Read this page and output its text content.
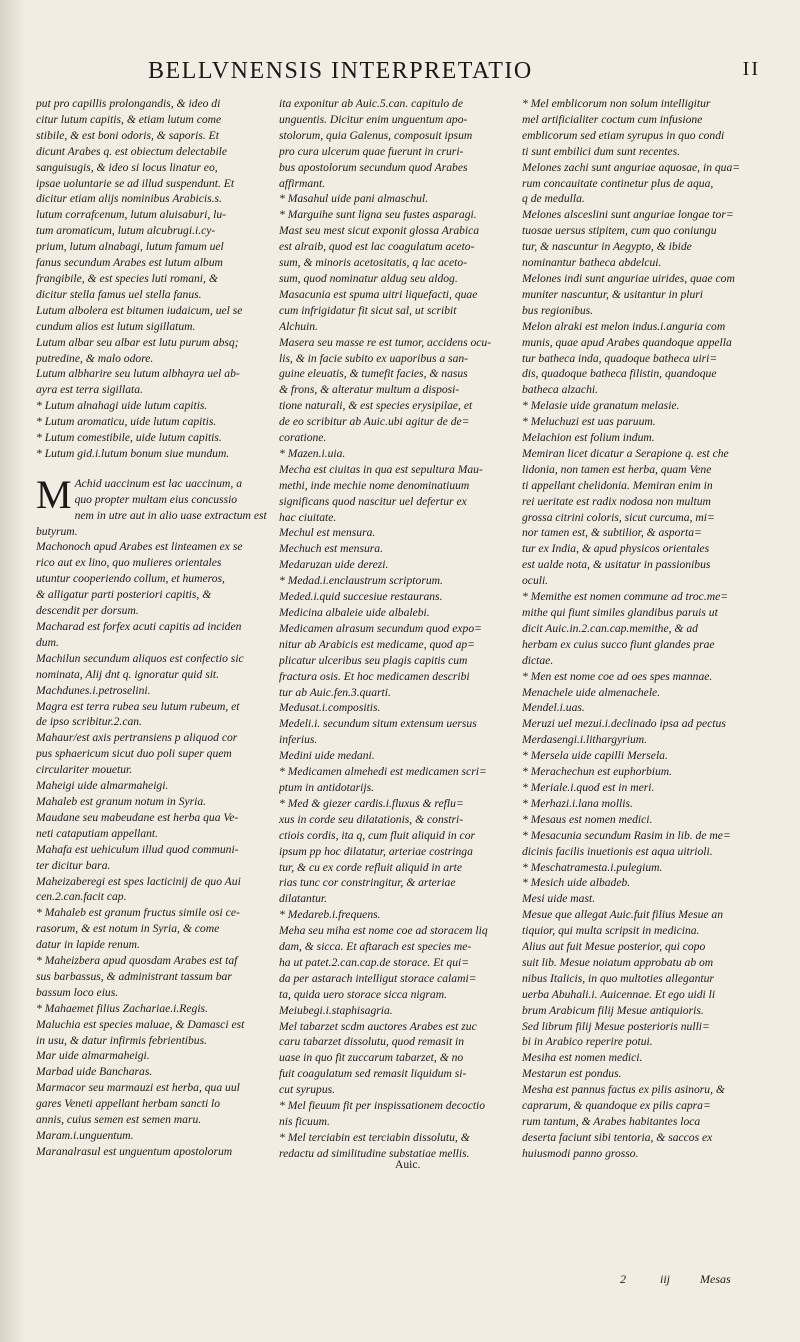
BELLVNENSIS INTERPRETATIO	II
put pro capillis prolongandis, & ideo di
citur lutum capitis, & etiam lutum come
stibile, & est boni odoris, & saporis. Et
dicunt Arabes q. est obiectum delectabile
sanguisugis, & ideo si locus linatur eo,
ipsae uoluntarie se ad illud suspendunt. Et
dicitur etiam alijs nominibus Arabicis.s.
lutum corrafcenum, lutum aluisaburi, lu-
tum aromaticum, lutum alcubrugi.i.cy-
prium, lutum alnabagi, lutum famum uel
fanus secundum Arabes est lutum album
frangibile, & est species luti romani, &
dicitur stella famus uel stella fanus.
Lutum albolera est bitumen iudaicum, uel se
cundum alios est lutum sigillatum.
Lutum albar seu albar est lutu purum absq;
putredine, & malo odore.
Lutum albharire seu lutum albhayra uel ab-
ayra est terra sigillata.
* Lutum alnahagi uide lutum capitis.
* Lutum aromaticu, uide lutum capitis.
* Lutum comestibile, uide lutum capitis.
* Lutum gid.i.lutum bonum siue mundum.
M Achid uaccinum est lac uaccinum, a
quo propter multam eius concussio
nem in utre aut in alio uase extractum est
butyrum.
Machonoch apud Arabes est linteamen ex se
rico aut ex lino, quo mulieres orientales
utuntur cooperiendo collum, et humeros,
& alligatur parti posteriori capitis, &
descendit per dorsum.
Macharad est forfex acuti capitis ad inciden
dum.
Machilun secundum aliquos est confectio sic
nominata, Alij dnt q. ignoratur quid sit.
Machdunes.i.petroselini.
Magra est terra rubea seu lutum rubeum, et
de ipso scribitur.2.can.
Mahaur/est axis pertransiens p aliquod cor
pus sphaericum sicut duo poli super quem
circulariter mouetur.
Maheigi uide almarmaheigi.
Mahaleb est granum notum in Syria.
Maudane seu mabeudane est herba qua Ve-
neti cataputiam appellant.
Mahafa est uehiculum illud quod communi-
ter dicitur bara.
Maheizaberegi est spes lacticinij de quo Aui
cen.2.can.facit cap.
* Mahaleb est granum fructus simile osi ce-
rasorum, & est notum in Syria, & come
datur in lapide renum.
* Maheizbera apud quosdam Arabes est taf
sus barbassus, & administrant tassum bar
bassum loco eius.
* Mahaemet filius Zachariae.i.Regis.
Maluchia est species maluae, & Damasci est
in usu, & datur infirmis febrientibus.
Mar uide almarmaheigi.
Marbad uide Bancharas.
Marmacor seu marmauzi est herba, qua uul
gares Veneti appellant herbam sancti lo
annis, cuius semen est semen maru.
Maram.i.unguentum.
Maranalrasul est unguentum apostolorum
ita exponitur ab Auic.5.can. capitulo de
unguentis. Dicitur enim unguentum apo-
stolorum, quia Galenus, composuit ipsum
pro cura ulcerum quae fuerunt in cruri-
bus apostolorum secundum quod Arabes
affirmant.
* Masahul uide pani almaschul.
* Marguihe sunt ligna seu fustes asparagi.
Mast seu mest sicut exponit glossa Arabica
est alraib, quod est lac coagulatum aceto-
sum, & minoris acetositatis, q lac aceto-
sum, quod nominatur aldug seu aldog.
Masacunia est spuma uitri liquefacti, quae
cum infrigidatur fit sicut sal, ut scribit
Alchuin.
Masera seu masse re est tumor, accidens ocu-
lis, & in facie subito ex uaporibus a san-
guine eleuatis, & tumefit facies, & nasus
& frons, & alteratur multum a disposi-
tione naturali, & est species erysipilae, et
de eo scribitur ab Auic.ubi agitur de de=
coratione.
* Mazen.i.uia.
Mecha est ciuitas in qua est sepultura Mau-
methi, inde mechie nome denominatiuum
significans quod nascitur uel defertur ex
hac ciuitate.
Mechul est mensura.
Mechuch est mensura.
Medaruzan uide derezi.
* Medad.i.enclaustrum scriptorum.
Meded.i.quid succesiue restaurans.
Medicina albaleie uide albalebi.
Medicamen alrasum secundum quod expo=
nitur ab Arabicis est medicame, quod ap=
plicatur ulceribus seu plagis capitis cum
fractura osis. Et hoc medicamen describi
tur ab Auic.fen.3.quarti.
Medusat.i.compositis.
Medeli.i. secundum situm extensum uersus
inferius.
Medini uide medani.
* Medicamen almehedi est medicamen scri=
ptum in antidotarijs.
* Med & giezer cardis.i.fluxus & reflu=
xus in corde seu dilatationis, & constri-
ctiois cordis, ita q, cum fluit aliquid in cor
ipsum pp hoc dilatatur, arteriae costringa
tur, & cu ex corde refluit aliquid in arte
rias tunc cor constringitur, & arteriae
dilatantur.
* Medareb.i.frequens.
Meha seu miha est nome coe ad storacem liq
dam, & sicca. Et aftarach est species me-
ha ut patet.2.can.cap.de storace. Et qui=
da per astarach intelligut storace calami=
ta, quida uero storace sicca nigram.
Meiubegi.i.staphisagria.
Mel tabarzet scdm auctores Arabes est zuc
caru tabarzet dissolutu, quod remasit in
uase in quo fit zuccarum tabarzet, & no
fuit coagulatum sed remasit liquidum si-
cut syrupus.
* Mel fieuum fit per inspissationem decoctio
nis ficuum.
* Mel terciabin est terciabin dissolutu, &
redactu ad similitudine substatiae mellis.
* Mel emblicorum non solum intelligitur
mel artificialiter coctum cum infusione
emblicorum sed etiam syrupus in quo condi
ti sunt embilici dum sunt recentes.
Melones zachi sunt anguriae aquosae, in qua=
rum concauitate continetur plus de aqua,
q de medulla.
Melones alsceslini sunt anguriae longae tor=
tuosae uersus stipitem, cum quo coniungu
tur, & nascuntur in Aegypto, & ibide
nominantur batheca abdelcui.
Melones indi sunt anguriae uirides, quae com
muniter nascuntur, & usitantur in pluri
bus regionibus.
Melon alraki est melon indus.i.anguria com
munis, quae apud Arabes quandoque appella
tur batheca inda, quadoque batheca uiri=
dis, quadoque batheca filistin, quandoque
batheca alzachi.
* Melasie uide granatum melasie.
* Meluchuzi est uas paruum.
Melachion est folium indum.
Memiran licet dicatur a Serapione q. est che
lidonia, non tamen est herba, quam Vene
ti appellant chelidonia. Memiran enim in
rei ueritate est radix nodosa non multum
grossa citrini coloris, sicut curcuma, mi=
nor tamen est, & subtilior, & asporta=
tur ex India, & apud physicos orientales
est ualde nota, & usitatur in passionibus
oculi.
* Memithe est nomen commune ad troc.me=
mithe qui fiunt similes glandibus paruis ut
dicit Auic.in.2.can.cap.memithe, & ad
herbam ex cuius succo fiunt glandes prae
dictae.
* Men est nome coe ad oes spes mannae.
Menachele uide almenachele.
Mendel.i.uas.
Meruzi uel mezui.i.declinado ipsa ad pectus
Merdasengi.i.lithargyrium.
* Mersela uide capilli Mersela.
* Merachechun est euphorbium.
* Meriale.i.quod est in meri.
* Merhazi.i.lana mollis.
* Mesaus est nomen medici.
* Mesacunia secundum Rasim in lib. de me=
dicinis facilis inuetionis est aqua uitrioli.
* Meschatramesta.i.pulegium.
* Mesich uide albadeb.
Mesi uide mast.
Mesue que allegat Auic.fuit filius Mesue an
tiquior, qui multa scripsit in medicina.
Alius aut fuit Mesue posterior, qui copo
suit lib. Mesue noiatum approbatu ab om
nibus Italicis, in quo multoties allegantur
uerba Abuhali.i. Auicennae. Et ego uidi li
brum Arabicum filij Mesue antiquioris.
Sed librum filij Mesue posterioris nulli=
bi in Arabico reperire potui.
Mesiha est nomen medici.
Mestarun est pondus.
Mesha est pannus factus ex pilis asinoru, &
caprarum, & quandoque ex pilis capra=
rum tantum, & Arabes habitantes loca
deserta faciunt sibi tentoria, & saccos ex
huiusmodi panno grosso.
Auic.
2	iij Mesas
